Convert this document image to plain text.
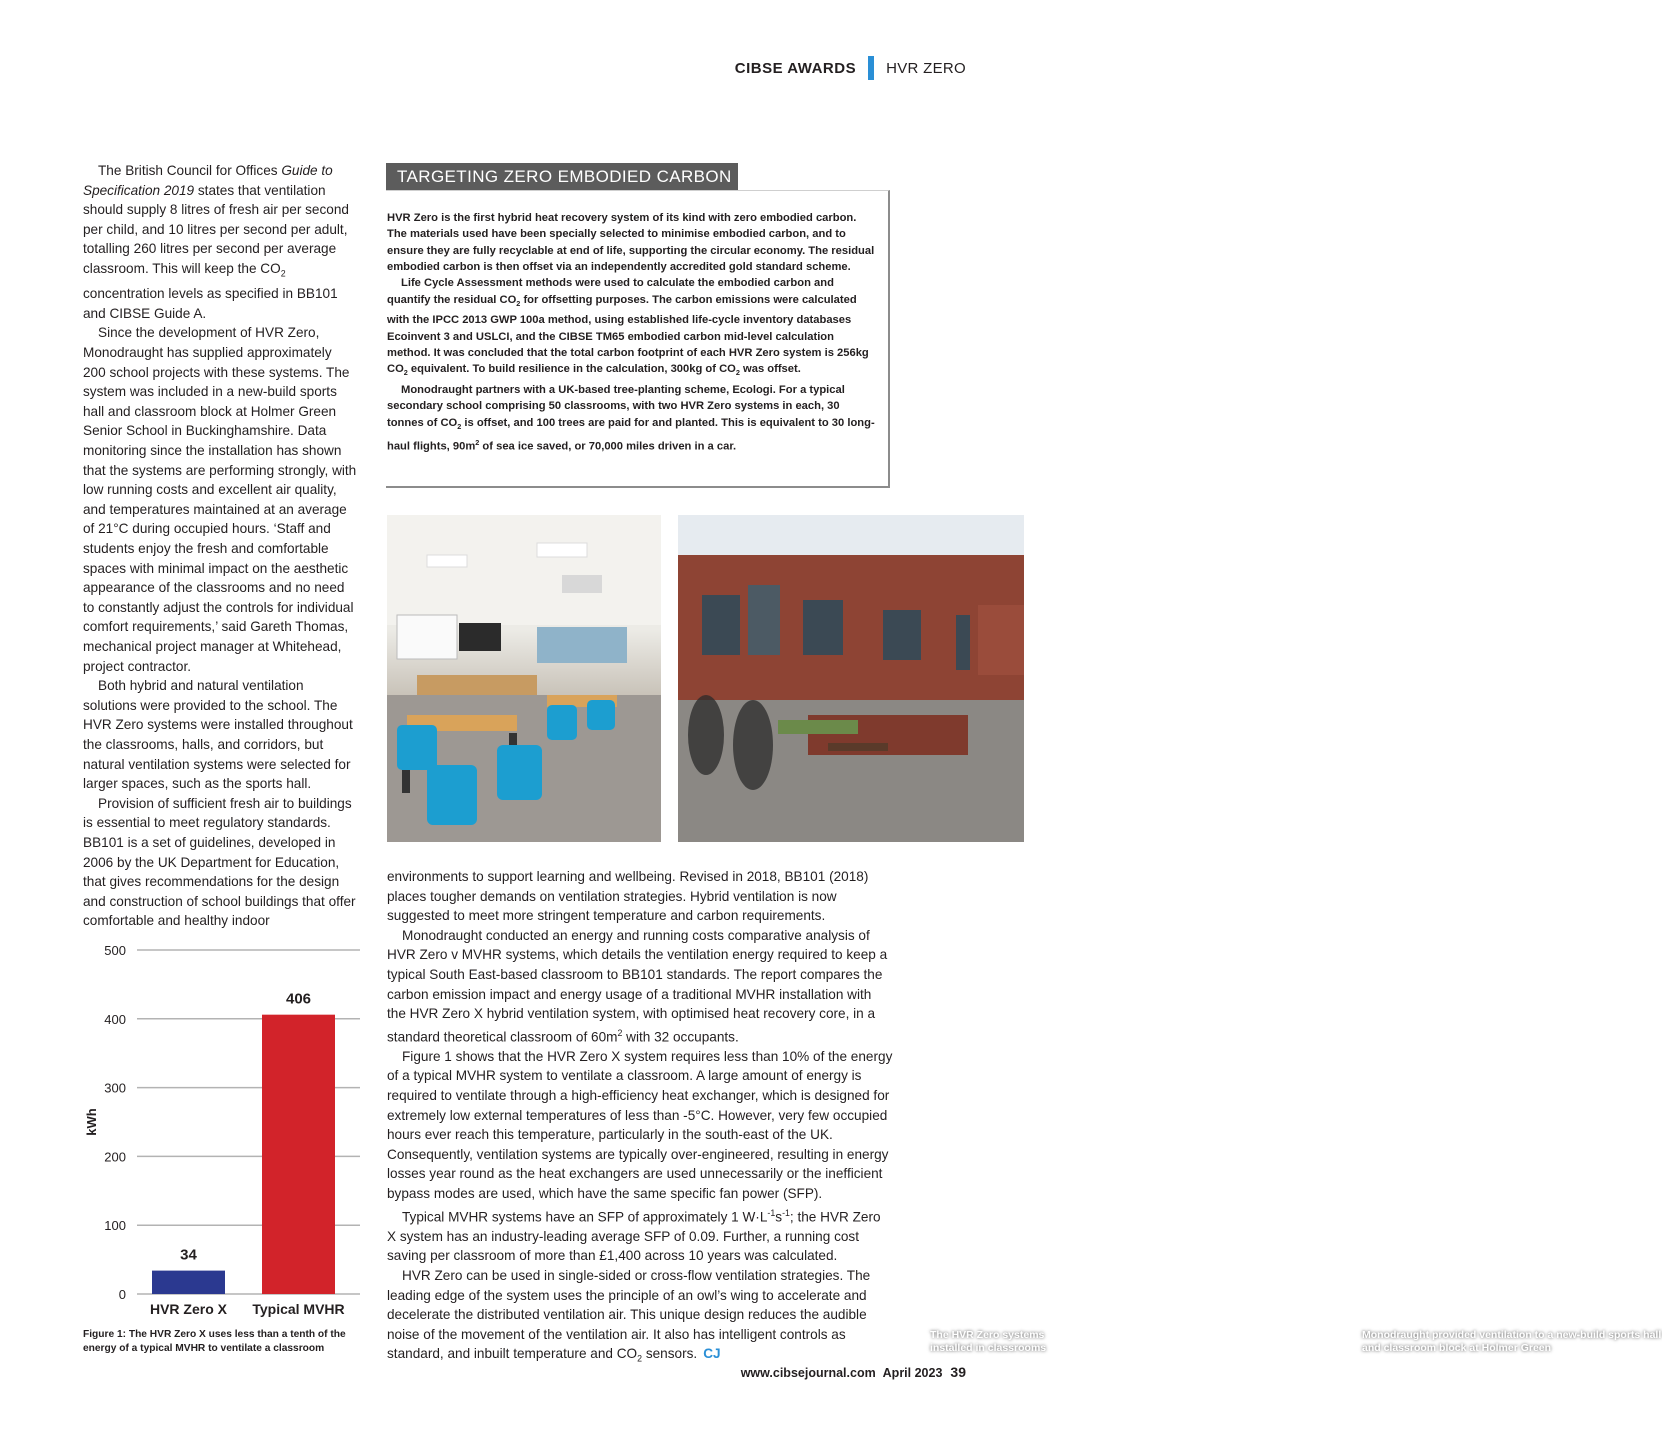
CIBSE AWARDS HVR ZERO

The British Council for Offices Guide to Specification 2019 states that ventilation should supply 8 litres of fresh air per second per child, and 10 litres per second per adult, totalling 260 litres per second per average classroom. This will keep the $CO_2$ concentration levels as specified in BB101 and CIBSE Guide A.

Since the development of HVR Zero, Monodraught has supplied approximately 200 school projects with these systems. The system was included in a new-build sports hall and classroom block at Holmer Green Senior School in Buckinghamshire. Data monitoring since the installation has shown that the systems are performing strongly, with low running costs and excellent air quality, and temperatures maintained at an average of 21°C during occupied hours. ‘Staff and students enjoy the fresh and comfortable spaces with minimal impact on the aesthetic appearance of the classrooms and no need to constantly adjust the controls for individual comfort requirements,’ said Gareth Thomas, mechanical project manager at Whitehead, project contractor.

Both hybrid and natural ventilation solutions were provided to the school. The HVR Zero systems were installed throughout the classrooms, halls, and corridors, but natural ventilation systems were selected for larger spaces, such as the sports hall.

Provision of sufficient fresh air to buildings is essential to meet regulatory standards. BB101 is a set of guidelines, developed in 2006 by the UK Department for Education, that gives recommendations for the design and construction of school buildings that offer comfortable and healthy indoor

TARGETING ZERO EMBODIED CARBON

HVR Zero is the first hybrid heat recovery system of its kind with zero embodied carbon. The materials used have been specially selected to minimise embodied carbon, and to ensure they are fully recyclable at end of life, supporting the circular economy. The residual embodied carbon is then offset via an independently accredited gold standard scheme.

Life Cycle Assessment methods were used to calculate the embodied carbon and quantify the residual $CO_2$ for offsetting purposes. The carbon emissions were calculated with the IPCC 2013 GWP 100a method, using established life-cycle inventory databases Ecoinvent 3 and USLCI, and the CIBSE TM65 embodied carbon mid-level calculation method. It was concluded that the total carbon footprint of each HVR Zero system is 256kg $CO_2$ equivalent. To build resilience in the calculation, 300kg of $CO_2$ was offset.

Monodraught partners with a UK-based tree-planting scheme, Ecologi. For a typical secondary school comprising 50 classrooms, with two HVR Zero systems in each, 30 tonnes of $CO_2$ is offset, and 100 trees are paid for and planted. This is equivalent to 30 long-haul flights, $90m^2$ of sea ice saved, or 70,000 miles driven in a car.

The HVR Zero systems installed in classrooms
Monodraught provided ventilation to a new-build sports hall and classroom block at Holmer Green

environments to support learning and wellbeing. Revised in 2018, BB101 (2018) places tougher demands on ventilation strategies. Hybrid ventilation is now suggested to meet more stringent temperature and carbon requirements.

Monodraught conducted an energy and running costs comparative analysis of HVR Zero v MVHR systems, which details the ventilation energy required to keep a typical South East-based classroom to BB101 standards. The report compares the carbon emission impact and energy usage of a traditional MVHR installation with the HVR Zero X hybrid ventilation system, with optimised heat recovery core, in a standard theoretical classroom of $60m^2$ with 32 occupants.

Figure 1 shows that the HVR Zero X system requires less than 10% of the energy of a typical MVHR system to ventilate a classroom. A large amount of energy is required to ventilate through a high-efficiency heat exchanger, which is designed for extremely low external temperatures of less than -5°C. However, very few occupied hours ever reach this temperature, particularly in the south-east of the UK. Consequently, ventilation systems are typically over-engineered, resulting in energy losses year round as the heat exchangers are used unnecessarily or the inefficient bypass modes are used, which have the same specific fan power (SFP).

Typical MVHR systems have an SFP of approximately 1 $W\cdot L^{-1}s^{-1}$; the HVR Zero X system has an industry-leading average SFP of 0.09. Further, a running cost saving per classroom of more than £1,400 across 10 years was calculated.

HVR Zero can be used in single-sided or cross-flow ventilation strategies. The leading edge of the system uses the principle of an owl’s wing to accelerate and decelerate the distributed ventilation air. This unique design reduces the audible noise of the movement of the ventilation air. It also has intelligent controls as standard, and inbuilt temperature and $CO_2$ sensors. CJ

0
100
200
300
400
500
kWh
34
HVR Zero X
406
Typical MVHR
Figure 1: The HVR Zero X uses less than a tenth of the energy of a typical MVHR to ventilate a classroom
www.cibsejournal.com
April 2023 39
